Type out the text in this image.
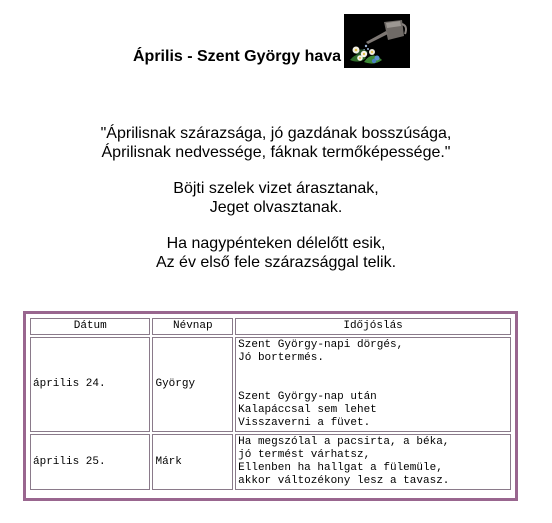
Április - Szent György hava

"Áprilisnak szárazsága, jó gazdának bosszúsága,
Áprilisnak nedvessége, fáknak termőképessége."

Böjti szelek vizet árasztanak,
Jeget olvasztanak.

Ha nagypénteken délelőtt esik,
Az év első fele szárazsággal telik.

Dátum	Névnap	Időjóslás
április 24.	György	Szent György-napi dörgés,
Jó bortermés.
Szent György-nap után
Kalapáccsal sem lehet
Visszaverni a füvet.

április 25.	Márk	Ha megszólal a pacsirta, a béka,
jó termést várhatsz,
Ellenben ha hallgat a fülemüle,
akkor változékony lesz a tavasz.
